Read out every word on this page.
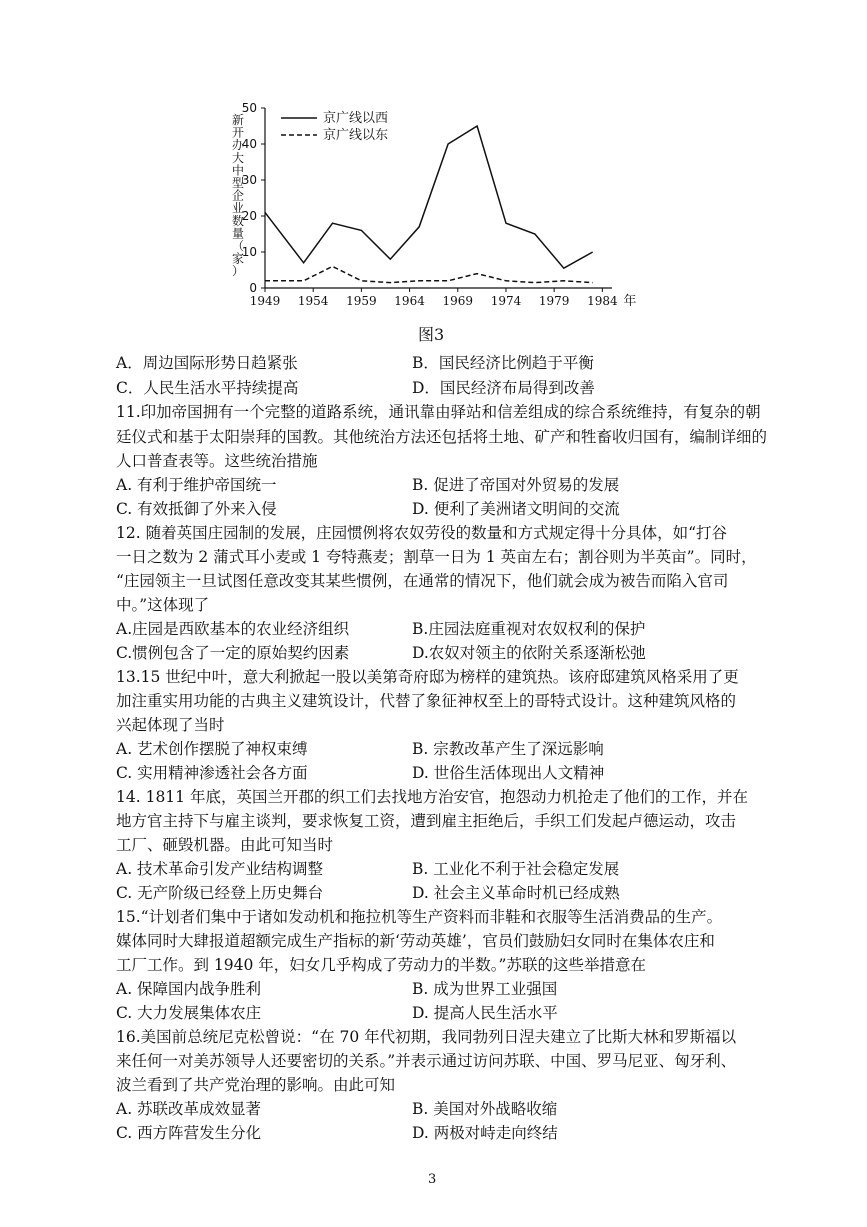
0
10
20
30
40
50
1949 1954 1959 1964 1969 1974 1979 1984 年
新
开
办
大
中
型
企
业
数
量
（
家
）
京广线以西
京广线以东
图3
A．周边国际形势日趋紧张	B．国民经济比例趋于平衡
C．人民生活水平持续提高	D．国民经济布局得到改善
11.印加帝国拥有一个完整的道路系统，通讯靠由驿站和信差组成的综合系统维持，有复杂的朝
廷仪式和基于太阳崇拜的国教。其他统治方法还包括将土地、矿产和牲畜收归国有，编制详细的
人口普查表等。这些统治措施
A. 有利于维护帝国统一	B. 促进了帝国对外贸易的发展
C. 有效抵御了外来入侵	D. 便利了美洲诸文明间的交流
12. 随着英国庄园制的发展，庄园惯例将农奴劳役的数量和方式规定得十分具体，如“打谷
一日之数为 2 蒲式耳小麦或 1 夸特燕麦；割草一日为 1 英亩左右；割谷则为半英亩”。同时，
“庄园领主一旦试图任意改变其某些惯例，在通常的情况下，他们就会成为被告而陷入官司
中。”这体现了
A.庄园是西欧基本的农业经济组织	B.庄园法庭重视对农奴权利的保护
C.惯例包含了一定的原始契约因素	D.农奴对领主的依附关系逐渐松弛
13.15 世纪中叶，意大利掀起一股以美第奇府邸为榜样的建筑热。该府邸建筑风格采用了更
加注重实用功能的古典主义建筑设计，代替了象征神权至上的哥特式设计。这种建筑风格的
兴起体现了当时
A. 艺术创作摆脱了神权束缚	B. 宗教改革产生了深远影响
C. 实用精神渗透社会各方面	D. 世俗生活体现出人文精神
14. 1811 年底，英国兰开郡的织工们去找地方治安官，抱怨动力机抢走了他们的工作，并在
地方官主持下与雇主谈判，要求恢复工资，遭到雇主拒绝后，手织工们发起卢德运动，攻击
工厂、砸毁机器。由此可知当时
A. 技术革命引发产业结构调整	B. 工业化不利于社会稳定发展
C. 无产阶级已经登上历史舞台	D. 社会主义革命时机已经成熟
15.“计划者们集中于诸如发动机和拖拉机等生产资料而非鞋和衣服等生活消费品的生产。
媒体同时大肆报道超额完成生产指标的新‘劳动英雄’，官员们鼓励妇女同时在集体农庄和
工厂工作。到 1940 年，妇女几乎构成了劳动力的半数。”苏联的这些举措意在
A. 保障国内战争胜利	B. 成为世界工业强国
C. 大力发展集体农庄	D. 提高人民生活水平
16.美国前总统尼克松曾说：“在 70 年代初期，我同勃列日涅夫建立了比斯大林和罗斯福以
来任何一对美苏领导人还要密切的关系。”并表示通过访问苏联、中国、罗马尼亚、匈牙利、
波兰看到了共产党治理的影响。由此可知
A. 苏联改革成效显著	B. 美国对外战略收缩
C. 西方阵营发生分化	D. 两极对峙走向终结
3
